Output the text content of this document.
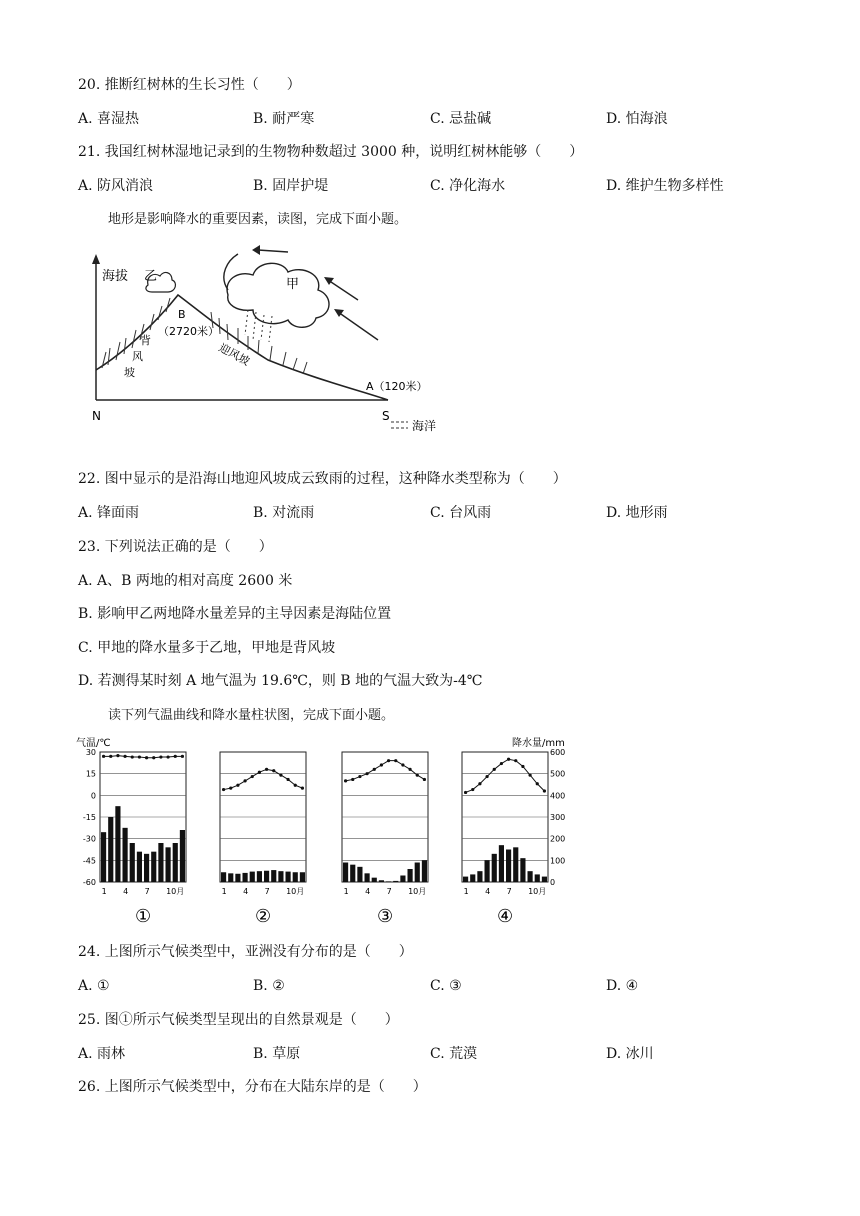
20. 推断红树林的生长习性（　　）
A. 喜湿热	B. 耐严寒	C. 忌盐碱	D. 怕海浪
21. 我国红树林湿地记录到的生物物种数超过 3000 种，说明红树林能够（　　）
A. 防风消浪	B. 固岸护堤	C. 净化海水	D. 维护生物多样性
地形是影响降水的重要因素，读图，完成下面小题。
海拔 乙
甲
B
（2720米）
迎风坡
背
风
坡
A（120米）
海洋
N	S
22. 图中显示的是沿海山地迎风坡成云致雨的过程，这种降水类型称为（　　）
A. 锋面雨	B. 对流雨	C. 台风雨	D. 地形雨
23. 下列说法正确的是（　　）
A. A、B 两地的相对高度 2600 米
B. 影响甲乙两地降水量差异的主导因素是海陆位置
C. 甲地的降水量多于乙地，甲地是背风坡
D. 若测得某时刻 A 地气温为 19.6℃，则 B 地的气温大致为-4℃
读下列气温曲线和降水量柱状图，完成下面小题。
气温/℃	降水量/mm
30
15
0
-15
-30
-45
-60
600
500
400
300
200
100
0
1 4 7 10月
①
1 4 7 10月
②
1 4 7 10月
③
1 4 7 10月
④
24. 上图所示气候类型中，亚洲没有分布的是（　　）
A. ①	B. ②	C. ③	D. ④
25. 图①所示气候类型呈现出的自然景观是（　　）
A. 雨林	B. 草原	C. 荒漠	D. 冰川
26. 上图所示气候类型中，分布在大陆东岸的是（　　）
